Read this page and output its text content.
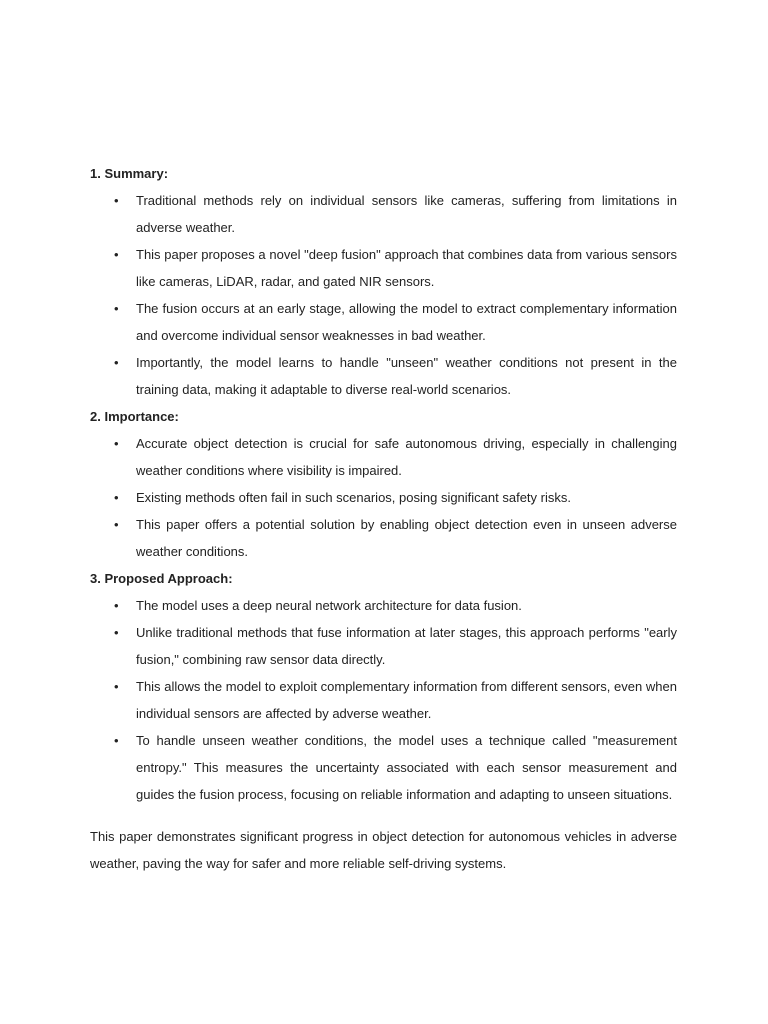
1. Summary:

• Traditional methods rely on individual sensors like cameras, suffering from limitations in adverse weather.
• This paper proposes a novel "deep fusion" approach that combines data from various sensors like cameras, LiDAR, radar, and gated NIR sensors.
• The fusion occurs at an early stage, allowing the model to extract complementary information and overcome individual sensor weaknesses in bad weather.
• Importantly, the model learns to handle "unseen" weather conditions not present in the training data, making it adaptable to diverse real-world scenarios.

2. Importance:

• Accurate object detection is crucial for safe autonomous driving, especially in challenging weather conditions where visibility is impaired.
• Existing methods often fail in such scenarios, posing significant safety risks.
• This paper offers a potential solution by enabling object detection even in unseen adverse weather conditions.

3. Proposed Approach:

• The model uses a deep neural network architecture for data fusion.
• Unlike traditional methods that fuse information at later stages, this approach performs "early fusion," combining raw sensor data directly.
• This allows the model to exploit complementary information from different sensors, even when individual sensors are affected by adverse weather.
• To handle unseen weather conditions, the model uses a technique called "measurement entropy." This measures the uncertainty associated with each sensor measurement and guides the fusion process, focusing on reliable information and adapting to unseen situations.

This paper demonstrates significant progress in object detection for autonomous vehicles in adverse weather, paving the way for safer and more reliable self-driving systems.
